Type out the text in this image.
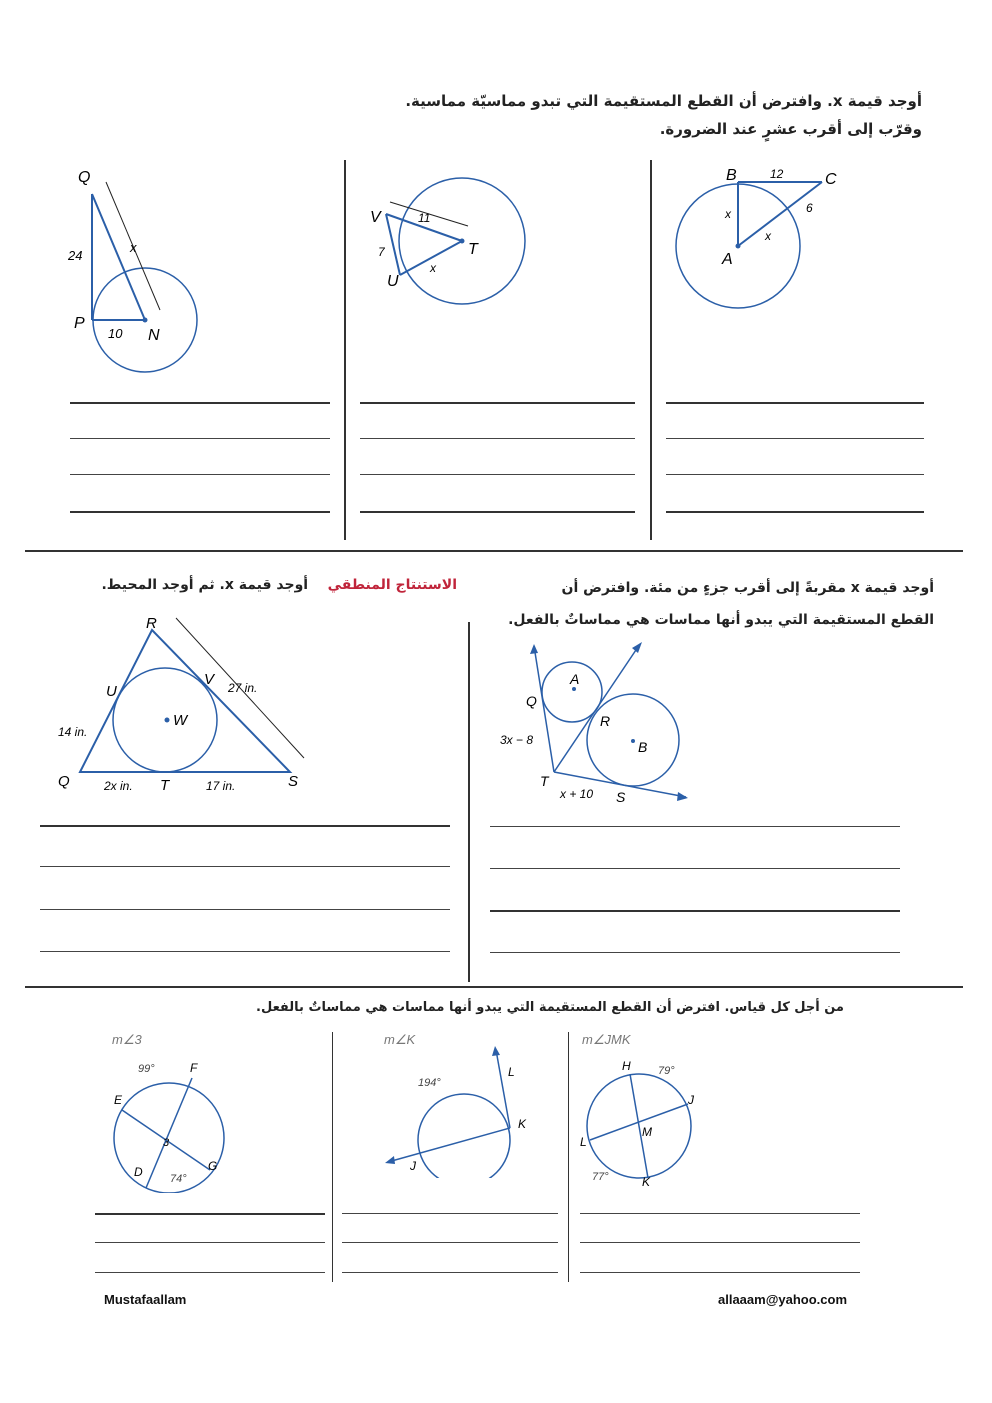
أوجد قيمة x. وافترض أن القطع المستقيمة التي تبدو مماسيّة مماسية.
وقرّب إلى أقرب عشرٍ عند الضرورة.
Q
P
N
24
10
x
V
T
U
11
7
x
B	C
A
12
6
x
x
أوجد قيمة x مقربةً إلى أقرب جزءٍ من مئة. وافترض أن
القطع المستقيمة التي يبدو أنها مماسات هي مماساتٌ بالفعل.
الاستنتاج المنطقي    أوجد قيمة x. ثم أوجد المحيط.
R
U
V
W
Q	T	S
27 in.
14 in.
2x in.	17 in.
A
B
Q
R
T
S
3x − 8
x + 10
من أجل كل قياس. افترض أن القطع المستقيمة التي يبدو أنها مماسات هي مماساتٌ بالفعل.
m∠3
99°	F
E
D	G
3
74°
m∠K
194°
L
K
J
m∠JMK
H 79°
J
L
M
77°	K
Mustafaallam	allaaam@yahoo.com
